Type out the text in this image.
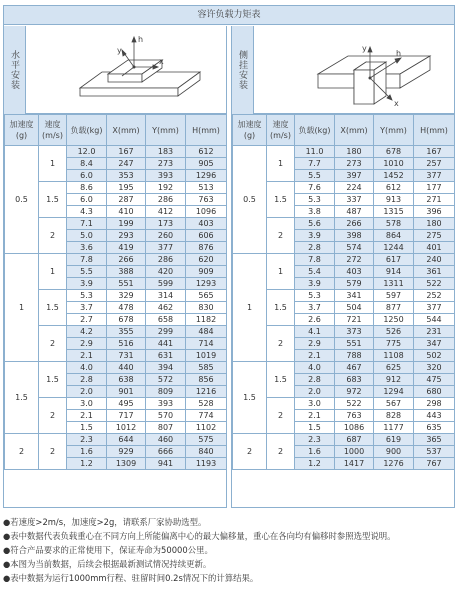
容许负载力矩表
水平安装
h
y
x
加速度 (g)	速度 (m/s)	负载(kg)	X(mm)	Y(mm)	H(mm)
0.5	1	12.0	167	183	612
		8.4	247	273	905
		6.0	353	393	1296
	1.5	8.6	195	192	513
		6.0	287	286	763
		4.3	410	412	1096
	2	7.1	199	173	403
		5.0	293	260	606
		3.6	419	377	876
1	1	7.8	266	286	620
		5.5	388	420	909
		3.9	551	599	1293
	1.5	5.3	329	314	565
		3.7	478	462	830
		2.7	678	658	1182
	2	4.2	355	299	484
		2.9	516	441	714
		2.1	731	631	1019
1.5	1.5	4.0	440	394	585
		2.8	638	572	856
		2.0	901	809	1216
	2	3.0	495	393	528
		2.1	717	570	774
		1.5	1012	807	1102
2	2	2.3	644	460	575
		1.6	929	666	840
		1.2	1309	941	1193
侧挂安装	h
y
x
加速度 (g)	速度 (m/s)	负载(kg)	X(mm)	Y(mm)	H(mm)
0.5	1	11.0	180	678	167
		7.7	273	1010	257
		5.5	397	1452	377
	1.5	7.6	224	612	177
		5.3	337	913	271
		3.8	487	1315	396
	2	5.6	266	578	180
		3.9	398	864	275
		2.8	574	1244	401
1	1	7.8	272	617	240
		5.4	403	914	361
		3.9	579	1311	522
	1.5	5.3	341	597	252
		3.7	504	877	377
		2.6	721	1250	544
	2	4.1	373	526	231
		2.9	551	775	347
		2.1	788	1108	502
1.5	1.5	4.0	467	625	320
		2.8	683	912	475
		2.0	972	1294	680
	2	3.0	522	567	298
		2.1	763	828	443
		1.5	1086	1177	635
2	2	2.3	687	619	365
		1.6	1000	900	537
		1.2	1417	1276	767
●若速度>2m/s，加速度>2g，请联系厂家协助选型。
●表中数据代表负载重心在不同方向上所能偏离中心的最大偏移量，重心在各向均有偏移时参照选型说明。
●符合产品要求的正常使用下，保证寿命为50000公里。
●本图为当前数据，后续会根据最新测试情况持续更新。
●表中数据为运行1000mm行程、驻留时间0.2s情况下的计算结果。
